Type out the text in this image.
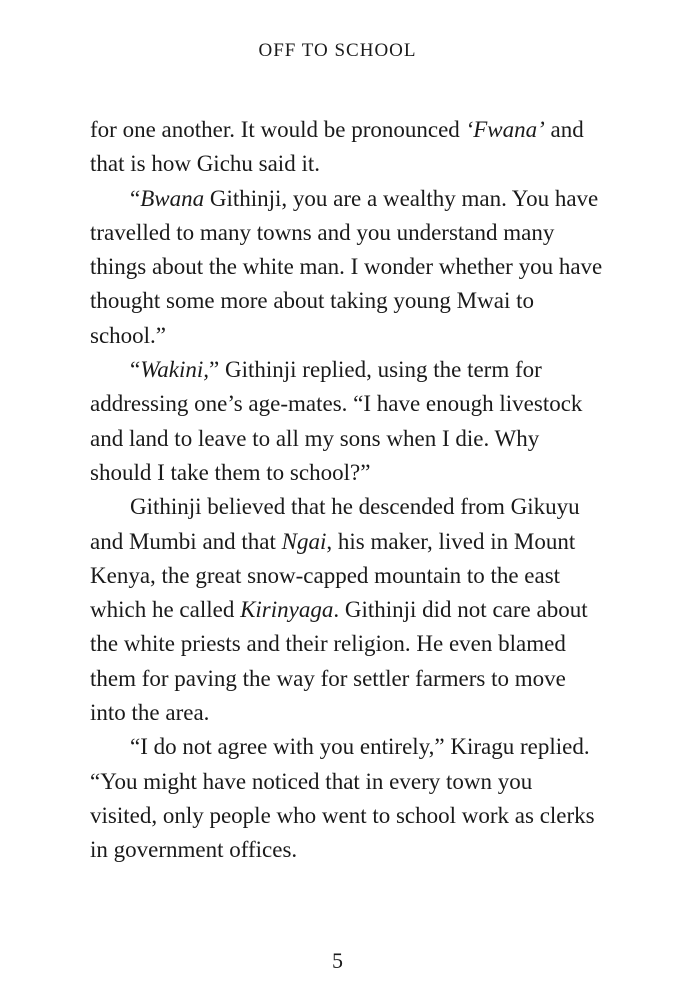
OFF TO SCHOOL

for one another. It would be pronounced ‘Fwana’ and that is how Gichu said it.

“Bwana Githinji, you are a wealthy man. You have travelled to many towns and you understand many things about the white man. I wonder whether you have thought some more about taking young Mwai to school.”

“Wakini,” Githinji replied, using the term for addressing one’s age-mates. “I have enough livestock and land to leave to all my sons when I die. Why should I take them to school?”

Githinji believed that he descended from Gikuyu and Mumbi and that Ngai, his maker, lived in Mount Kenya, the great snow-capped mountain to the east which he called Kirinyaga. Githinji did not care about the white priests and their religion. He even blamed them for paving the way for settler farmers to move into the area.

“I do not agree with you entirely,” Kiragu replied. “You might have noticed that in every town you visited, only people who went to school work as clerks in government offices.

5
